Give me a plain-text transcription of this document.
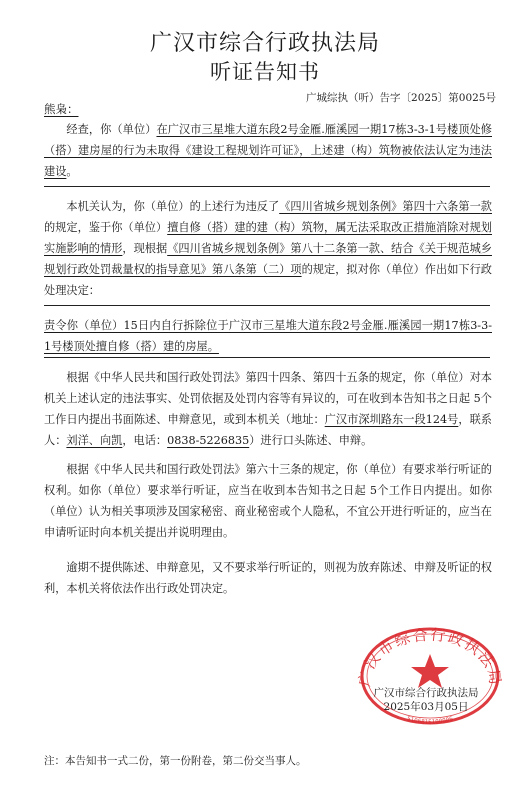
广汉市综合行政执法局
听证告知书
广城综执（听）告字〔2025〕第0025号
熊枭：
经查，你（单位）在广汉市三星堆大道东段2号金雁.雁溪园一期17栋3-3-1号楼顶处修（搭）建房屋的行为未取得《建设工程规划许可证》，上述建（构）筑物被依法认定为违法建设。
本机关认为，你（单位）的上述行为违反了《四川省城乡规划条例》第四十六条第一款的规定，鉴于你（单位）擅自修（搭）建的建（构）筑物，属无法采取改正措施消除对规划实施影响的情形，现根据《四川省城乡规划条例》第八十二条第一款、结合《关于规范城乡规划行政处罚裁量权的指导意见》第八条第（二）项的规定，拟对你（单位）作出如下行政处理决定：
责令你（单位）15日内自行拆除位于广汉市三星堆大道东段2号金雁.雁溪园一期17栋3-3-1号楼顶处擅自修（搭）建的房屋。
根据《中华人民共和国行政处罚法》第四十四条、第四十五条的规定，你（单位）对本机关上述认定的违法事实、处罚依据及处罚内容等有异议的，可在收到本告知书之日起 5个工作日内提出书面陈述、申辩意见，或到本机关（地址：广汉市深圳路东一段124号，联系人：刘洋、向凯，电话：0838-5226835）进行口头陈述、申辩。
根据《中华人民共和国行政处罚法》第六十三条的规定，你（单位）有要求举行听证的权利。如你（单位）要求举行听证，应当在收到本告知书之日起 5个工作日内提出。如你（单位）认为相关事项涉及国家秘密、商业秘密或个人隐私，不宜公开进行听证的，应当在申请听证时向本机关提出并说明理由。
逾期不提供陈述、申辩意见，又不要求举行听证的，则视为放弃陈述、申辩及听证的权利，本机关将依法作出行政处罚决定。
广汉市综合行政执法局
5106815100006
广汉市综合行政执法局
2025年03月05日
注：本告知书一式二份，第一份附卷，第二份交当事人。
